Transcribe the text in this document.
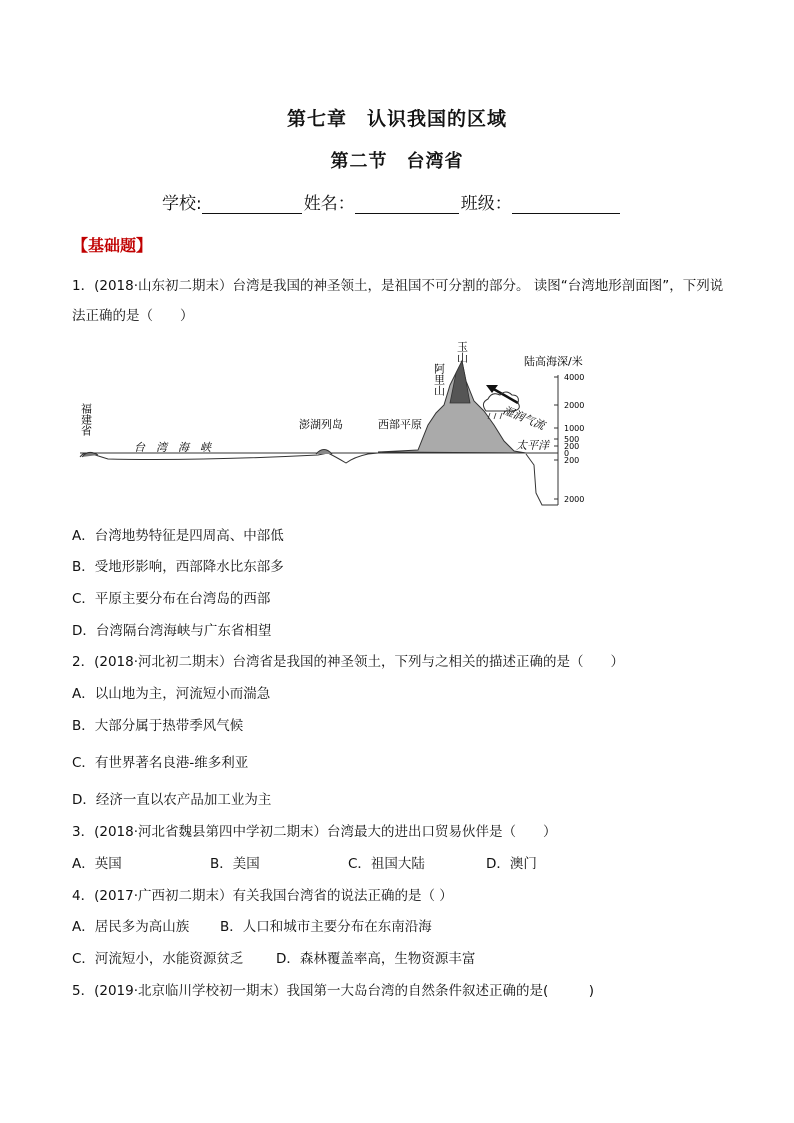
第七章　认识我国的区域
第二节　台湾省
学校:	姓名：	班级：
【基础题】
1．(2018·山东初二期末）台湾是我国的神圣领土，是祖国不可分割的部分。 读图“台湾地形剖面图”，下列说法正确的是（　　）
4000
2000
1000
500
200
0
200
2000
陆高海深/米
福建省
阿里山
玉山
台　湾　海　峡
澎湖列岛	西部平原	湿润气流
太平洋
A．台湾地势特征是四周高、中部低
B．受地形影响，西部降水比东部多
C．平原主要分布在台湾岛的西部
D．台湾隔台湾海峡与广东省相望
2．(2018·河北初二期末）台湾省是我国的神圣领土，下列与之相关的描述正确的是（　　）
A．以山地为主，河流短小而湍急
B．大部分属于热带季风气候
C．有世界著名良港-维多利亚
D．经济一直以农产品加工业为主
3．(2018·河北省魏县第四中学初二期末）台湾最大的进出口贸易伙伴是（　　）
A．英国	B．美国	C．祖国大陆	D．澳门
4．(2017·广西初二期末）有关我国台湾省的说法正确的是（ ）
A．居民多为高山族	B．人口和城市主要分布在东南沿海
C．河流短小，水能资源贫乏	D．森林覆盖率高，生物资源丰富
5．(2019·北京临川学校初一期末）我国第一大岛台湾的自然条件叙述正确的是(　　　)
